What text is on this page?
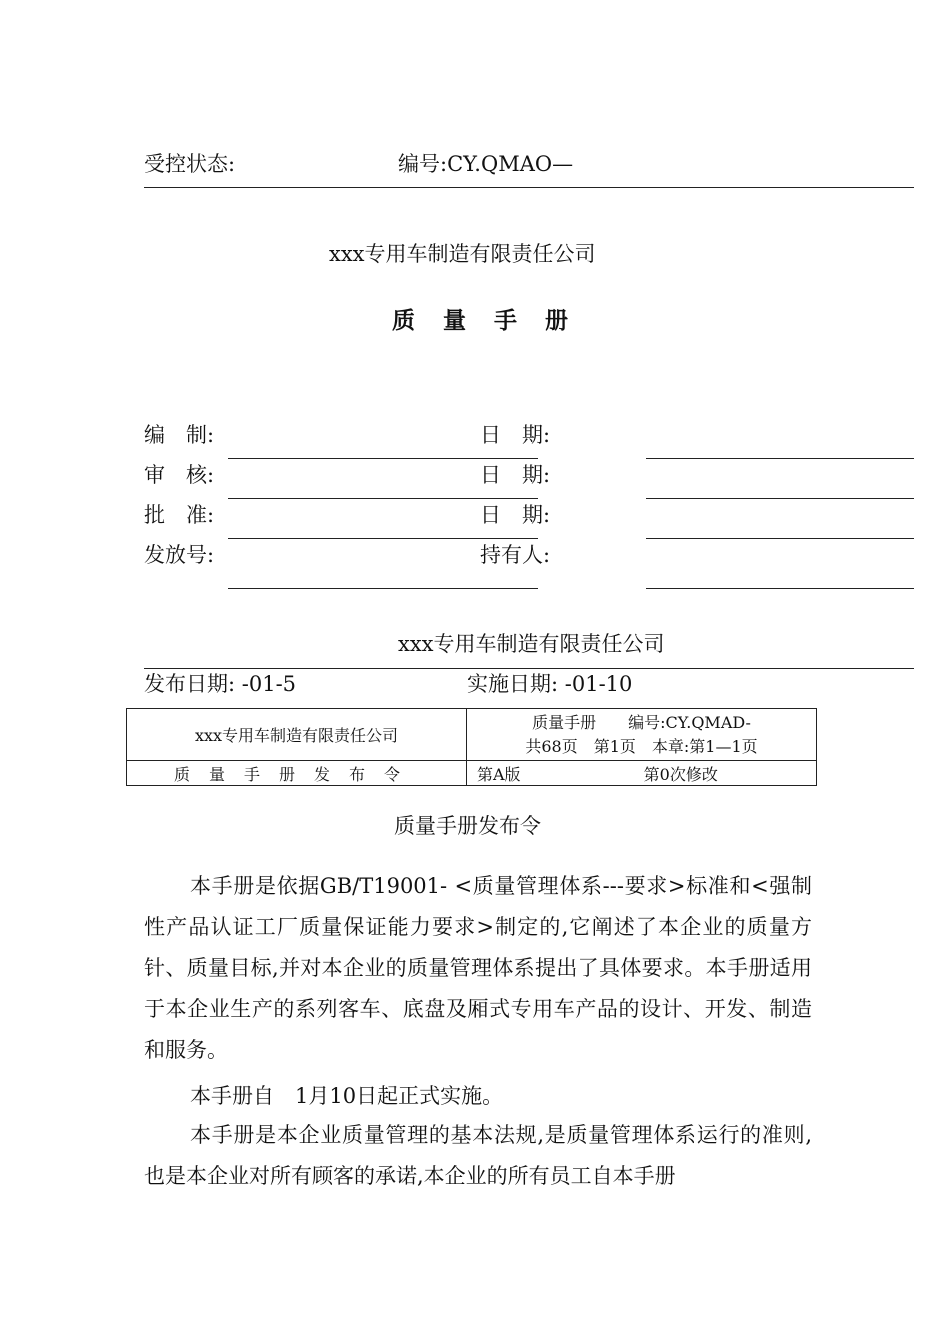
受控状态:	编号:CY.QMAO—
xxx专用车制造有限责任公司
质量手册
编　制:	日　期:
审　核:	日　期:
批　准:	日　期:
发放号:	持有人:
xxx专用车制造有限责任公司
发布日期: -01-5	实施日期: -01-10
xxx专用车制造有限责任公司	质量手册　　编号:CY.QMAD-
共68页　第1页　本章:第1—1页

质量手册发布令	第A版 第0次修改
质量手册发布令

本手册是依据GB/T19001- <质量管理体系---要求>标准和<强制性产品认证工厂质量保证能力要求>制定的,它阐述了本企业的质量方针、质量目标,并对本企业的质量管理体系提出了具体要求。本手册适用于本企业生产的系列客车、底盘及厢式专用车产品的设计、开发、制造和服务。

本手册自　1月10日起正式实施。

本手册是本企业质量管理的基本法规,是质量管理体系运行的准则,也是本企业对所有顾客的承诺,本企业的所有员工自本手册
